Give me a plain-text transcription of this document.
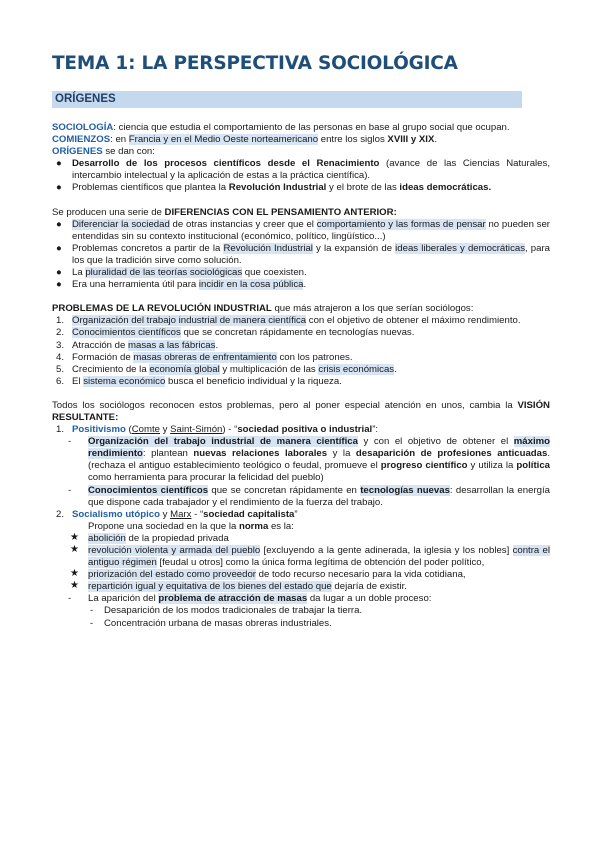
TEMA 1: LA PERSPECTIVA SOCIOLÓGICA
ORÍGENES

SOCIOLOGÍA: ciencia que estudia el comportamiento de las personas en base al grupo social que ocupan.

COMIENZOS: en Francia y en el Medio Oeste norteamericano entre los siglos XVIII y XIX.

ORÍGENES se dan con:

● Desarrollo de los procesos científicos desde el Renacimiento (avance de las Ciencias Naturales, intercambio intelectual y la aplicación de estas a la práctica científica).
● Problemas científicos que plantea la Revolución Industrial y el brote de las ideas democráticas.

Se producen una serie de DIFERENCIAS CON EL PENSAMIENTO ANTERIOR:

● Diferenciar la sociedad de otras instancias y creer que el comportamiento y las formas de pensar no pueden ser entendidas sin su contexto institucional (económico, político, lingüístico...)
● Problemas concretos a partir de la Revolución Industrial y la expansión de ideas liberales y democráticas, para los que la tradición sirve como solución.
● La pluralidad de las teorías sociológicas que coexisten.
● Era una herramienta útil para incidir en la cosa pública.

PROBLEMAS DE LA REVOLUCIÓN INDUSTRIAL que más atrajeron a los que serían sociólogos:

1. Organización del trabajo industrial de manera científica con el objetivo de obtener el máximo rendimiento.
2. Conocimientos científicos que se concretan rápidamente en tecnologías nuevas.
3. Atracción de masas a las fábricas.
4. Formación de masas obreras de enfrentamiento con los patrones.
5. Crecimiento de la economía global y multiplicación de las crisis económicas.
6. El sistema económico busca el beneficio individual y la riqueza.

Todos los sociólogos reconocen estos problemas, pero al poner especial atención en unos, cambia la VISIÓN RESULTANTE:

1. Positivismo (Comte y Saint-Simón) - “sociedad positiva o industrial”:
- Organización del trabajo industrial de manera científica y con el objetivo de obtener el máximo rendimiento: plantean nuevas relaciones laborales y la desaparición de profesiones anticuadas. (rechaza el antiguo establecimiento teológico o feudal, promueve el progreso científico y utiliza la política como herramienta para procurar la felicidad del pueblo)
- Conocimientos científicos que se concretan rápidamente en tecnologías nuevas: desarrollan la energía que dispone cada trabajador y el rendimiento de la fuerza del trabajo.
2. Socialismo utópico y Marx - “sociedad capitalista”

Propone una sociedad en la que la norma es la:

★ abolición de la propiedad privada
★ revolución violenta y armada del pueblo [excluyendo a la gente adinerada, la iglesia y los nobles] contra el antiguo régimen [feudal u otros] como la única forma legítima de obtención del poder político,
★ priorización del estado como proveedor de todo recurso necesario para la vida cotidiana,
★ repartición igual y equitativa de los bienes del estado que dejaría de existir.
- La aparición del problema de atracción de masas da lugar a un doble proceso:
- Desaparición de los modos tradicionales de trabajar la tierra.
- Concentración urbana de masas obreras industriales.
